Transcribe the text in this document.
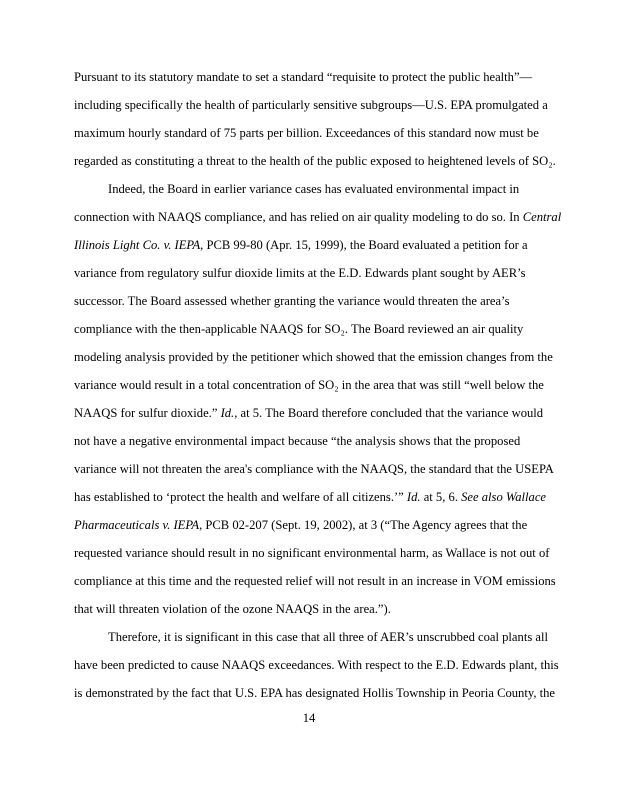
Pursuant to its statutory mandate to set a standard “requisite to protect the public health”—
including specifically the health of particularly sensitive subgroups—U.S. EPA promulgated a
maximum hourly standard of 75 parts per billion. Exceedances of this standard now must be
regarded as constituting a threat to the health of the public exposed to heightened levels of SO₂.
Indeed, the Board in earlier variance cases has evaluated environmental impact in
connection with NAAQS compliance, and has relied on air quality modeling to do so. In Central
Illinois Light Co. v. IEPA, PCB 99-80 (Apr. 15, 1999), the Board evaluated a petition for a
variance from regulatory sulfur dioxide limits at the E.D. Edwards plant sought by AER’s
successor. The Board assessed whether granting the variance would threaten the area’s
compliance with the then-applicable NAAQS for SO₂. The Board reviewed an air quality
modeling analysis provided by the petitioner which showed that the emission changes from the
variance would result in a total concentration of SO₂ in the area that was still “well below the
NAAQS for sulfur dioxide.” Id., at 5. The Board therefore concluded that the variance would
not have a negative environmental impact because “the analysis shows that the proposed
variance will not threaten the area's compliance with the NAAQS, the standard that the USEPA
has established to ‘protect the health and welfare of all citizens.’” Id. at 5, 6. See also Wallace
Pharmaceuticals v. IEPA, PCB 02-207 (Sept. 19, 2002), at 3 (“The Agency agrees that the
requested variance should result in no significant environmental harm, as Wallace is not out of
compliance at this time and the requested relief will not result in an increase in VOM emissions
that will threaten violation of the ozone NAAQS in the area.”).
Therefore, it is significant in this case that all three of AER’s unscrubbed coal plants all
have been predicted to cause NAAQS exceedances. With respect to the E.D. Edwards plant, this
is demonstrated by the fact that U.S. EPA has designated Hollis Township in Peoria County, the
14
